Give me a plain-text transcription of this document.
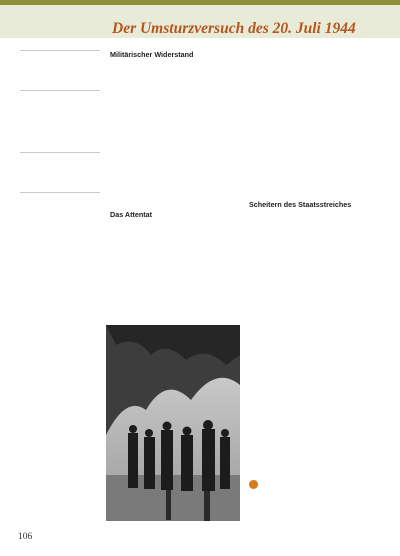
Der Umsturzversuch des 20. Juli 1944
Militärischer Widerstand
Das Attentat
Scheitern des Staatsstreiches

106
